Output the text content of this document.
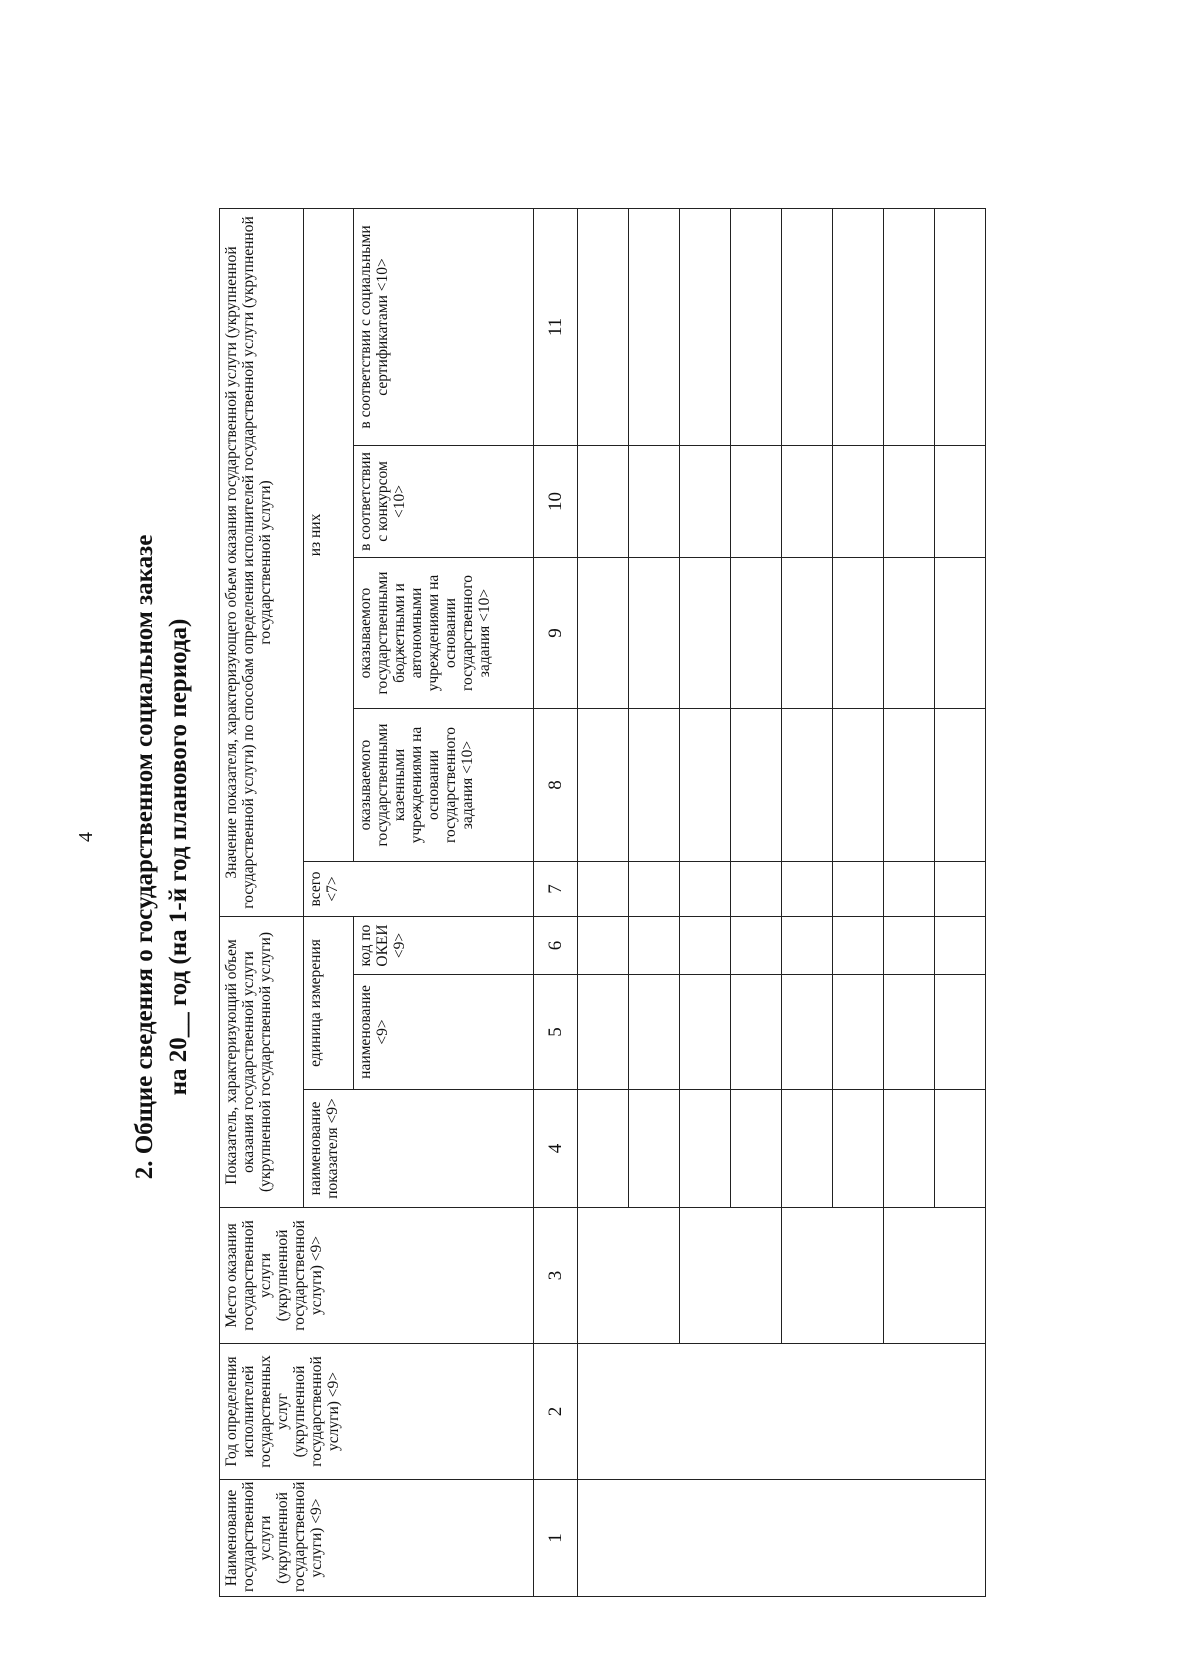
4 2. Общие сведения о государственном социальном заказе на 20__ год (на 1-й год планового периода)
Наименование государственной услуги (укрупненной государственной услуги) <9>	Год определения исполнителей государственных услуг (укрупненной государственной услуги) <9>	Место оказания государственной услуги (укрупненной государственной услуги) <9>	Показатель, характеризующий объем оказания государственной услуги (укрупненной государственной услуги)			Значение показателя, характеризующего объем оказания государственной услуги (укрупненной государственной услуги) по способам определения исполнителей государственной услуги (укрупненной государственной услуги)				
			наименование показателя <9>	единица измерения		всего <7>	из них			
				наименование <9>	код по ОКЕИ <9>		оказываемого государственными казенными учреждениями на основании государственного задания <10>	оказываемого государственными бюджетными и автономными учреждениями на основании государственного задания <10>	в соответствии с конкурсом <10>	в соответствии с социальными сертификатами <10>
1	2	3	4	5	6	7	8	9	10	11
